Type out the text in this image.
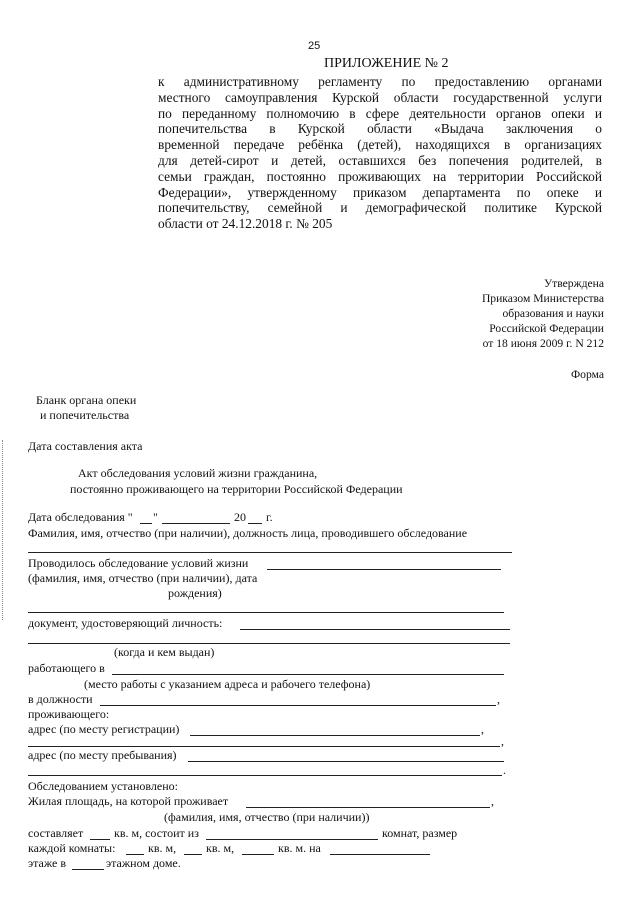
25
ПРИЛОЖЕНИЕ № 2
к административному регламенту по предоставлению органами
местного самоуправления Курской области государственной услуги
по переданному полномочию в сфере деятельности органов опеки и
попечительства в Курской области «Выдача заключения о
временной передаче ребёнка (детей), находящихся в организациях
для детей-сирот и детей, оставшихся без попечения родителей, в
семьи граждан, постоянно проживающих на территории Российской
Федерации», утвержденному приказом департамента по опеке и
попечительству, семейной и демографической политике Курской
области от 24.12.2018 г. № 205
Утверждена
Приказом Министерства
образования и науки
Российской Федерации
от 18 июня 2009 г. N 212
Форма
Бланк органа опеки
и попечительства
Дата составления акта
Акт обследования условий жизни гражданина,
постоянно проживающего на территории Российской Федерации
Дата обследования " "	20 г.
Фамилия, имя, отчество (при наличии), должность лица, проводившего обследование
Проводилось обследование условий жизни
(фамилия, имя, отчество (при наличии), дата
рождения)
документ, удостоверяющий личность:
(когда и кем выдан)
работающего в
(место работы с указанием адреса и рабочего телефона)
в должности	,
проживающего:
адрес (по месту регистрации)	,
,
адрес (по месту пребывания)
.
Обследованием установлено:
Жилая площадь, на которой проживает	,
(фамилия, имя, отчество (при наличии))
составляет	кв. м, состоит из	комнат, размер
каждой комнаты:	кв. м, кв. м,	кв. м. на
этаже в	этажном доме.
